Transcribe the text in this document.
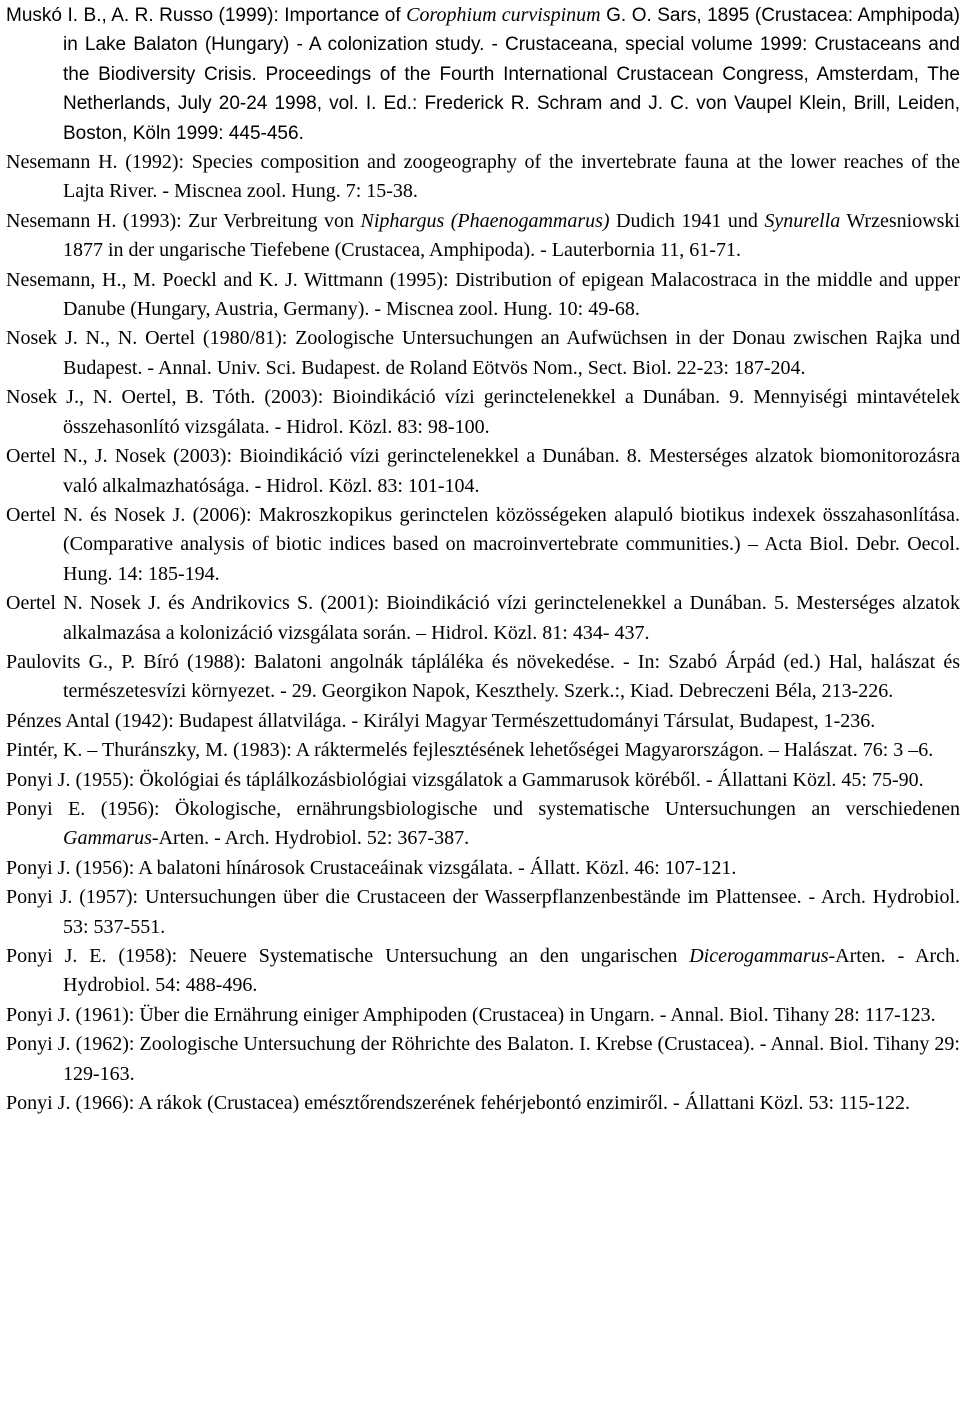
Muskó I. B., A. R. Russo (1999): Importance of Corophium curvispinum G. O. Sars, 1895 (Crustacea: Amphipoda) in Lake Balaton (Hungary) - A colonization study. - Crustaceana, special volume 1999: Crustaceans and the Biodiversity Crisis. Proceedings of the Fourth International Crustacean Congress, Amsterdam, The Netherlands, July 20-24 1998, vol. I. Ed.: Frederick R. Schram and J. C. von Vaupel Klein, Brill, Leiden, Boston, Köln 1999: 445-456.

Nesemann H. (1992): Species composition and zoogeography of the invertebrate fauna at the lower reaches of the Lajta River. - Miscnea zool. Hung. 7: 15-38.

Nesemann H. (1993): Zur Verbreitung von Niphargus (Phaenogammarus) Dudich 1941 und Synurella Wrzesniowski 1877 in der ungarische Tiefebene (Crustacea, Amphipoda). - Lauterbornia 11, 61-71.

Nesemann, H., M. Poeckl and K. J. Wittmann (1995): Distribution of epigean Malacostraca in the middle and upper Danube (Hungary, Austria, Germany). - Miscnea zool. Hung. 10: 49-68.

Nosek J. N., N. Oertel (1980/81): Zoologische Untersuchungen an Aufwüchsen in der Donau zwischen Rajka und Budapest. - Annal. Univ. Sci. Budapest. de Roland Eötvös Nom., Sect. Biol. 22-23: 187-204.

Nosek J., N. Oertel, B. Tóth. (2003): Bioindikáció vízi gerinctelenekkel a Dunában. 9. Mennyiségi mintavételek összehasonlító vizsgálata. - Hidrol. Közl. 83: 98-100.

Oertel N., J. Nosek (2003): Bioindikáció vízi gerinctelenekkel a Dunában. 8. Mesterséges alzatok biomonitorozásra való alkalmazhatósága. - Hidrol. Közl. 83: 101-104.

Oertel N. és Nosek J. (2006): Makroszkopikus gerinctelen közösségeken alapuló biotikus indexek összahasonlítása. (Comparative analysis of biotic indices based on macroinvertebrate communities.) – Acta Biol. Debr. Oecol. Hung. 14: 185-194.

Oertel N. Nosek J. és Andrikovics S. (2001): Bioindikáció vízi gerinctelenekkel a Dunában. 5. Mesterséges alzatok alkalmazása a kolonizáció vizsgálata során. – Hidrol. Közl. 81: 434- 437.

Paulovits G., P. Bíró (1988): Balatoni angolnák tápláléka és növekedése. - In: Szabó Árpád (ed.) Hal, halászat és természetesvízi környezet. - 29. Georgikon Napok, Keszthely. Szerk.:, Kiad. Debreczeni Béla, 213-226.

Pénzes Antal (1942): Budapest állatvilága. - Királyi Magyar Természettudományi Társulat, Budapest, 1-236.

Pintér, K. – Thuránszky, M. (1983): A ráktermelés fejlesztésének lehetőségei Magyarországon. – Halászat. 76: 3 –6.

Ponyi J. (1955): Ökológiai és táplálkozásbiológiai vizsgálatok a Gammarusok köréből. - Állattani Közl. 45: 75-90.

Ponyi E. (1956): Ökologische, ernährungsbiologische und systematische Untersuchungen an verschiedenen Gammarus-Arten. - Arch. Hydrobiol. 52: 367-387.

Ponyi J. (1956): A balatoni hínárosok Crustaceáinak vizsgálata. - Állatt. Közl. 46: 107-121.

Ponyi J. (1957): Untersuchungen über die Crustaceen der Wasserpflanzenbestände im Plattensee. - Arch. Hydrobiol. 53: 537-551.

Ponyi J. E. (1958): Neuere Systematische Untersuchung an den ungarischen Dicerogammarus-Arten. - Arch. Hydrobiol. 54: 488-496.

Ponyi J. (1961): Über die Ernährung einiger Amphipoden (Crustacea) in Ungarn. - Annal. Biol. Tihany 28: 117-123.

Ponyi J. (1962): Zoologische Untersuchung der Röhrichte des Balaton. I. Krebse (Crustacea). - Annal. Biol. Tihany 29: 129-163.

Ponyi J. (1966): A rákok (Crustacea) emésztőrendszerének fehérjebontó enzimiről. - Állattani Közl. 53: 115-122.
